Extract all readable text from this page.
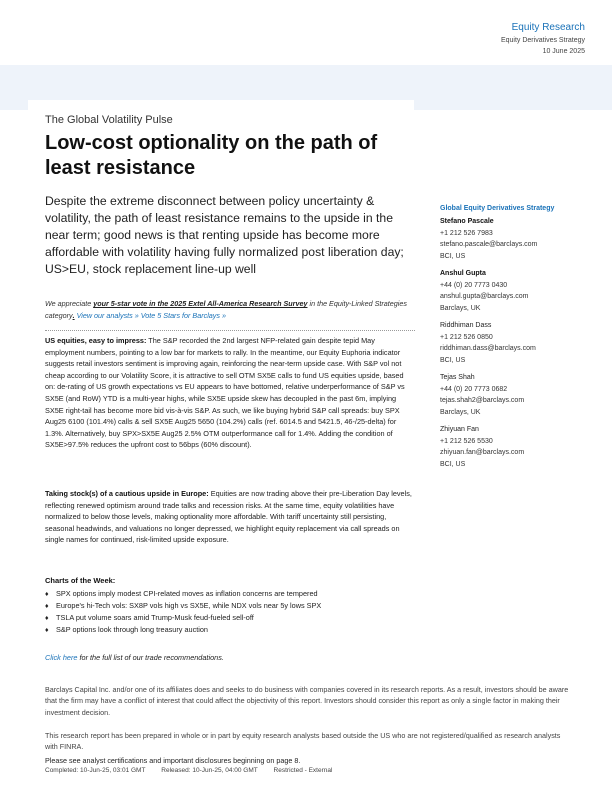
Equity Research
Equity Derivatives Strategy
10 June 2025
The Global Volatility Pulse
Low-cost optionality on the path of least resistance
Despite the extreme disconnect between policy uncertainty & volatility, the path of least resistance remains to the upside in the near term; good news is that renting upside has become more affordable with volatility having fully normalized post liberation day; US>EU, stock replacement line-up well
We appreciate your 5-star vote in the 2025 Extel All-America Research Survey in the Equity-Linked Strategies category. View our analysts » Vote 5 Stars for Barclays »
US equities, easy to impress: The S&P recorded the 2nd largest NFP-related gain despite tepid May employment numbers, pointing to a low bar for markets to rally. In the meantime, our Equity Euphoria indicator suggests retail investors sentiment is improving again, reinforcing the near-term upside case. With S&P vol not cheap according to our Volatility Score, it is attractive to sell OTM SX5E calls to fund US equities upside, based on: de-rating of US growth expectations vs EU appears to have bottomed, relative underperformance of S&P vs SX5E (and RoW) YTD is a multi-year highs, while SX5E upside skew has decoupled in the past 6m, implying SX5E right-tail has become more bid vis-à-vis S&P. As such, we like buying hybrid S&P call spreads: buy SPX Aug25 6100 (101.4%) calls & sell SX5E Aug25 5650 (104.2%) calls (ref. 6014.5 and 5421.5, 46-/25-delta) for 1.3%. Alternatively, buy SPX>SX5E Aug25 2.5% OTM outperformance call for 1.4%. Adding the condition of SX5E>97.5% reduces the upfront cost to 56bps (60% discount).
Taking stock(s) of a cautious upside in Europe: Equities are now trading above their pre-Liberation Day levels, reflecting renewed optimism around trade talks and recession risks. At the same time, equity volatilities have normalized to below those levels, making optionality more affordable. With tariff uncertainty still persisting, seasonal headwinds, and valuations no longer depressed, we highlight equity replacement via call spreads on single names for continued, risk-limited upside exposure.
Charts of the Week:
♦ SPX options imply modest CPI-related moves as inflation concerns are tempered
♦ Europe's hi-Tech vols: SX8P vols high vs SX5E, while NDX vols near 5y lows SPX
♦ TSLA put volume soars amid Trump-Musk feud-fueled sell-off
♦ S&P options look through long treasury auction
Click here for the full list of our trade recommendations.
Barclays Capital Inc. and/or one of its affiliates does and seeks to do business with companies covered in its research reports. As a result, investors should be aware that the firm may have a conflict of interest that could affect the objectivity of this report. Investors should consider this report as only a single factor in making their investment decision.
This research report has been prepared in whole or in part by equity research analysts based outside the US who are not registered/qualified as research analysts with FINRA.
Please see analyst certifications and important disclosures beginning on page 8.
Completed: 10-Jun-25, 03:01 GMT Released: 10-Jun-25, 04:00 GMT Restricted - External
Global Equity Derivatives Strategy
Stefano Pascale
+1 212 526 7983
stefano.pascale@barclays.com
BCI, US
Anshul Gupta
+44 (0) 20 7773 0430
anshul.gupta@barclays.com
Barclays, UK
Riddhiman Dass
+1 212 526 0850
riddhiman.dass@barclays.com
BCI, US
Tejas Shah
+44 (0) 20 7773 0682
tejas.shah2@barclays.com
Barclays, UK
Zhiyuan Fan
+1 212 526 5530
zhiyuan.fan@barclays.com
BCI, US
